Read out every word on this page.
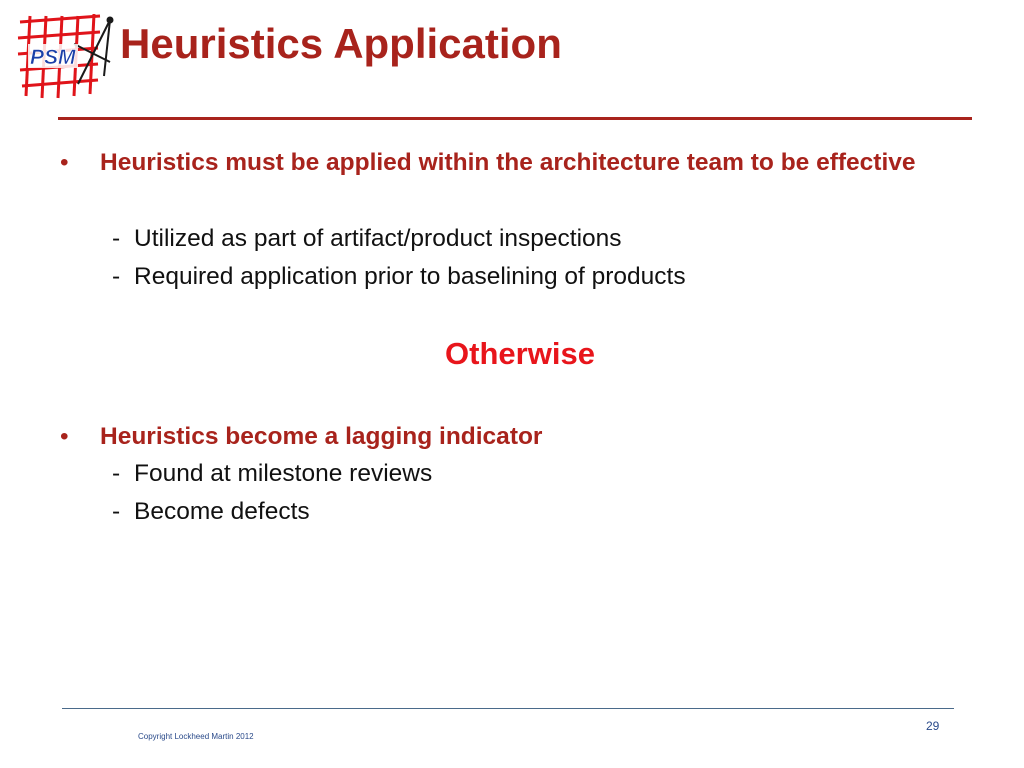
PSM Heuristics Application
•	Heuristics must be applied within the architecture team to be effective
- Utilized as part of artifact/product inspections
- Required application prior to baselining of products
Otherwise
•	Heuristics become a lagging indicator
- Found at milestone reviews
- Become defects
29
Copyright Lockheed Martin 2012
